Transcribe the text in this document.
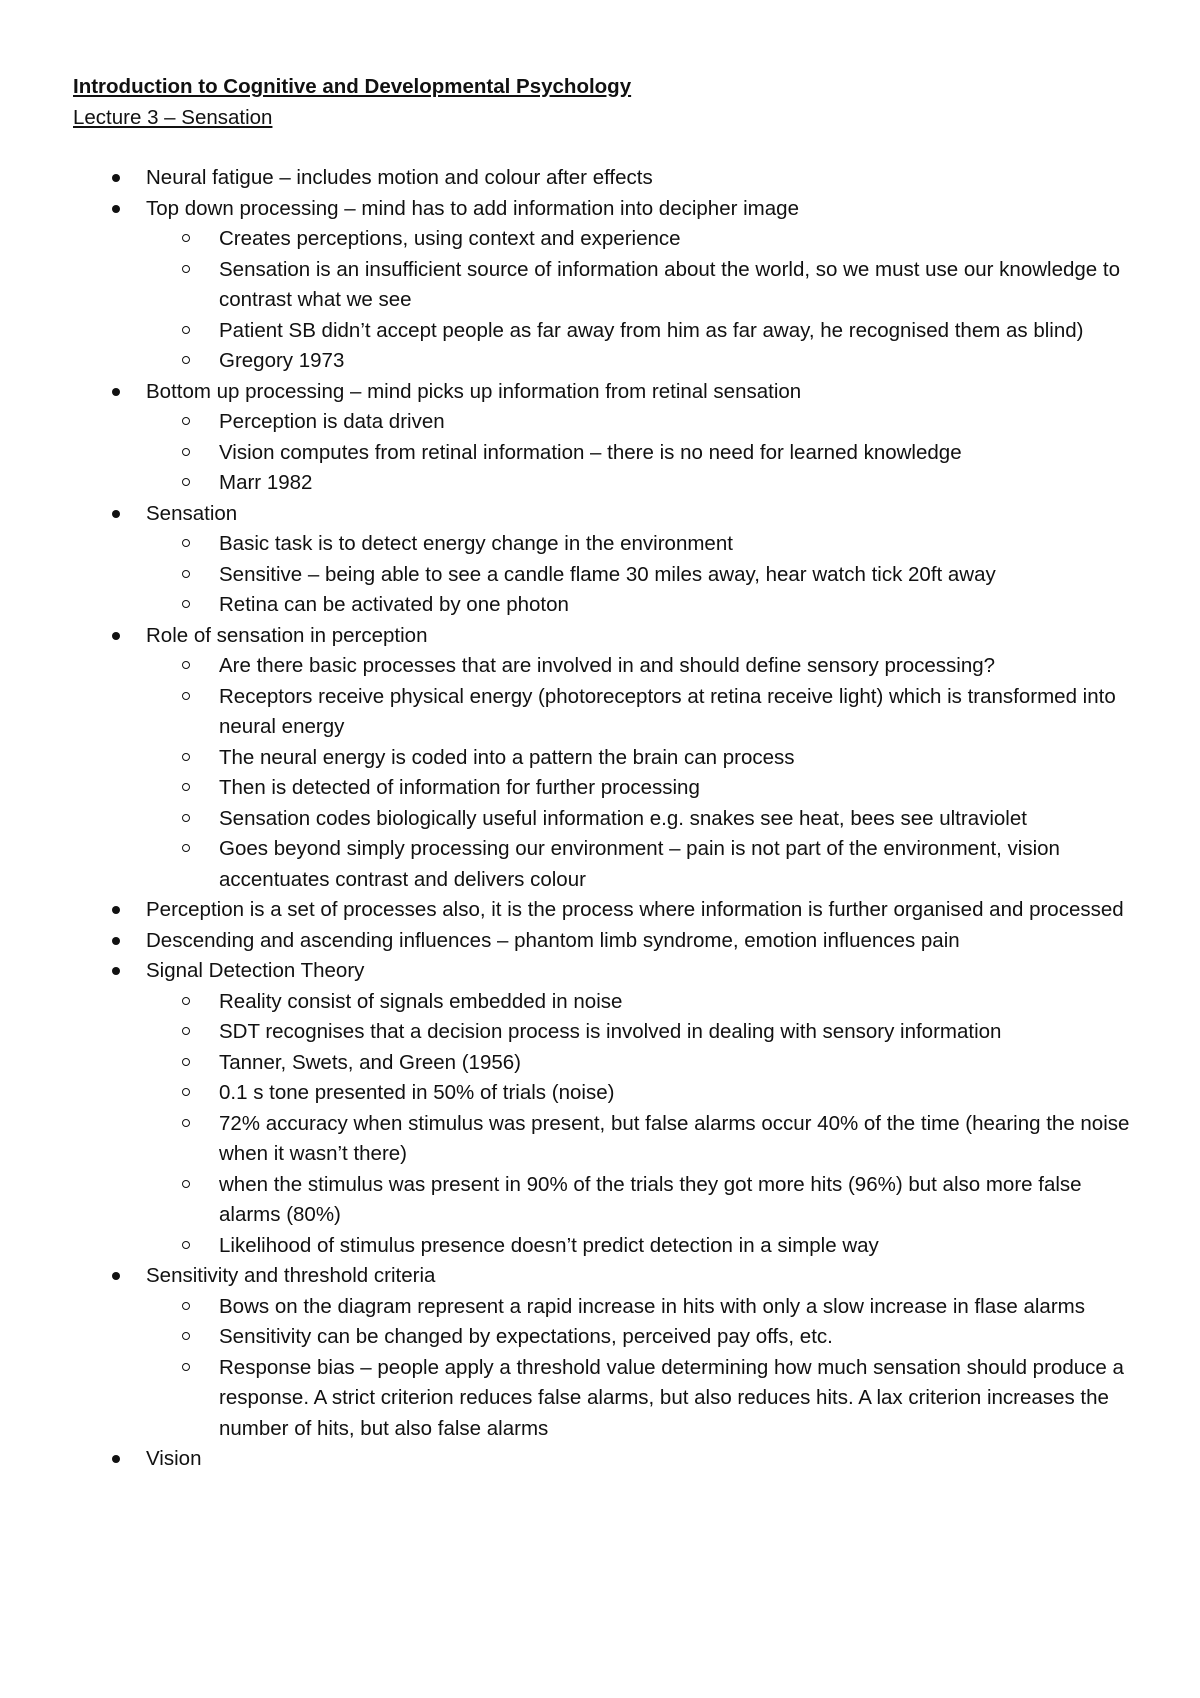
Introduction to Cognitive and Developmental Psychology
Lecture 3 – Sensation
Neural fatigue – includes motion and colour after effects
Top down processing – mind has to add information into decipher image
Creates perceptions, using context and experience
Sensation is an insufficient source of information about the world, so we must use our knowledge to contrast what we see
Patient SB didn’t accept people as far away from him as far away, he recognised them as blind)
Gregory 1973
Bottom up processing – mind picks up information from retinal sensation
Perception is data driven
Vision computes from retinal information – there is no need for learned knowledge
Marr 1982
Sensation
Basic task is to detect energy change in the environment
Sensitive – being able to see a candle flame 30 miles away, hear watch tick 20ft away
Retina can be activated by one photon
Role of sensation in perception
Are there basic processes that are involved in and should define sensory processing?
Receptors receive physical energy (photoreceptors at retina receive light) which is transformed into neural energy
The neural energy is coded into a pattern the brain can process
Then is detected of information for further processing
Sensation codes biologically useful information e.g. snakes see heat, bees see ultraviolet
Goes beyond simply processing our environment – pain is not part of the environment, vision accentuates contrast and delivers colour
Perception is a set of processes also, it is the process where information is further organised and processed
Descending and ascending influences – phantom limb syndrome, emotion influences pain
Signal Detection Theory
Reality consist of signals embedded in noise
SDT recognises that a decision process is involved in dealing with sensory information
Tanner, Swets, and Green (1956)
0.1 s tone presented in 50% of trials (noise)
72% accuracy when stimulus was present, but false alarms occur 40% of the time (hearing the noise when it wasn’t there)
when the stimulus was present in 90% of the trials they got more hits (96%) but also more false alarms (80%)
Likelihood of stimulus presence doesn’t predict detection in a simple way
Sensitivity and threshold criteria
Bows on the diagram represent a rapid increase in hits with only a slow increase in flase alarms
Sensitivity can be changed by expectations, perceived pay offs, etc.
Response bias – people apply a threshold value determining how much sensation should produce a response. A strict criterion reduces false alarms, but also reduces hits. A lax criterion increases the number of hits, but also false alarms
Vision
